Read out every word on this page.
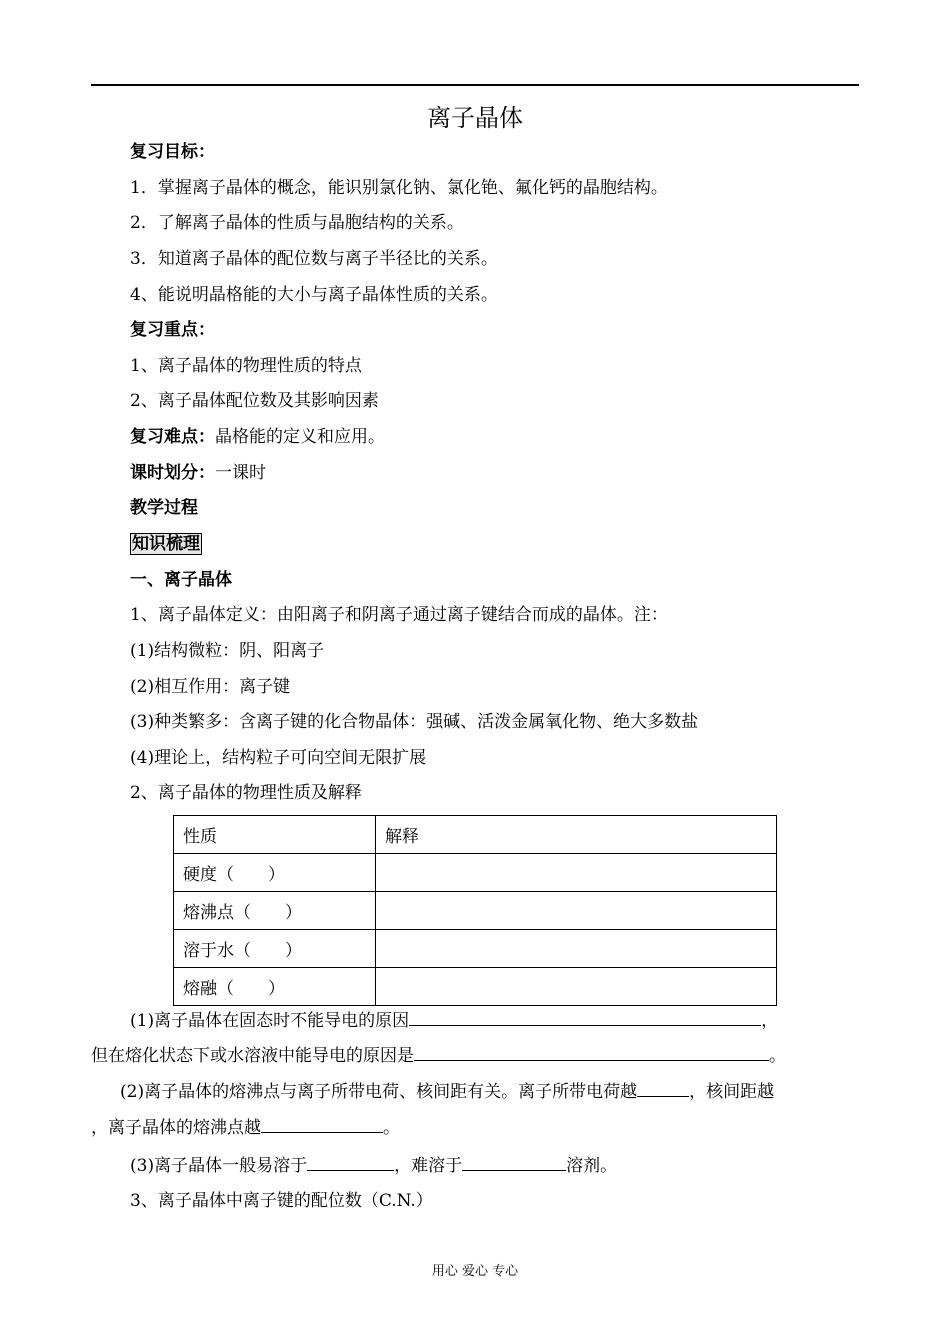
离子晶体
复习目标：
1．掌握离子晶体的概念，能识别氯化钠、氯化铯、氟化钙的晶胞结构。
2．了解离子晶体的性质与晶胞结构的关系。
3．知道离子晶体的配位数与离子半径比的关系。
4、能说明晶格能的大小与离子晶体性质的关系。
复习重点：
1、离子晶体的物理性质的特点
2、离子晶体配位数及其影响因素
复习难点：晶格能的定义和应用。
课时划分：一课时
教学过程
知识梳理
一、离子晶体
1、离子晶体定义：由阳离子和阴离子通过离子键结合而成的晶体。注：
(1)结构微粒：阴、阳离子
(2)相互作用：离子键
(3)种类繁多：含离子键的化合物晶体：强碱、活泼金属氧化物、绝大多数盐
(4)理论上，结构粒子可向空间无限扩展
2、离子晶体的物理性质及解释
性质	解释
硬度（　　）	
熔沸点（　　）	
溶于水（　　）	
熔融（　　）	
(1)离子晶体在固态时不能导电的原因	，
但在熔化状态下或水溶液中能导电的原因是	。
(2)离子晶体的熔沸点与离子所带电荷、核间距有关。离子所带电荷越	，核间距越
，离子晶体的熔沸点越	。
(3)离子晶体一般易溶于	，难溶于	溶剂。
3、离子晶体中离子键的配位数（C.N.）
用心 爱心 专心
